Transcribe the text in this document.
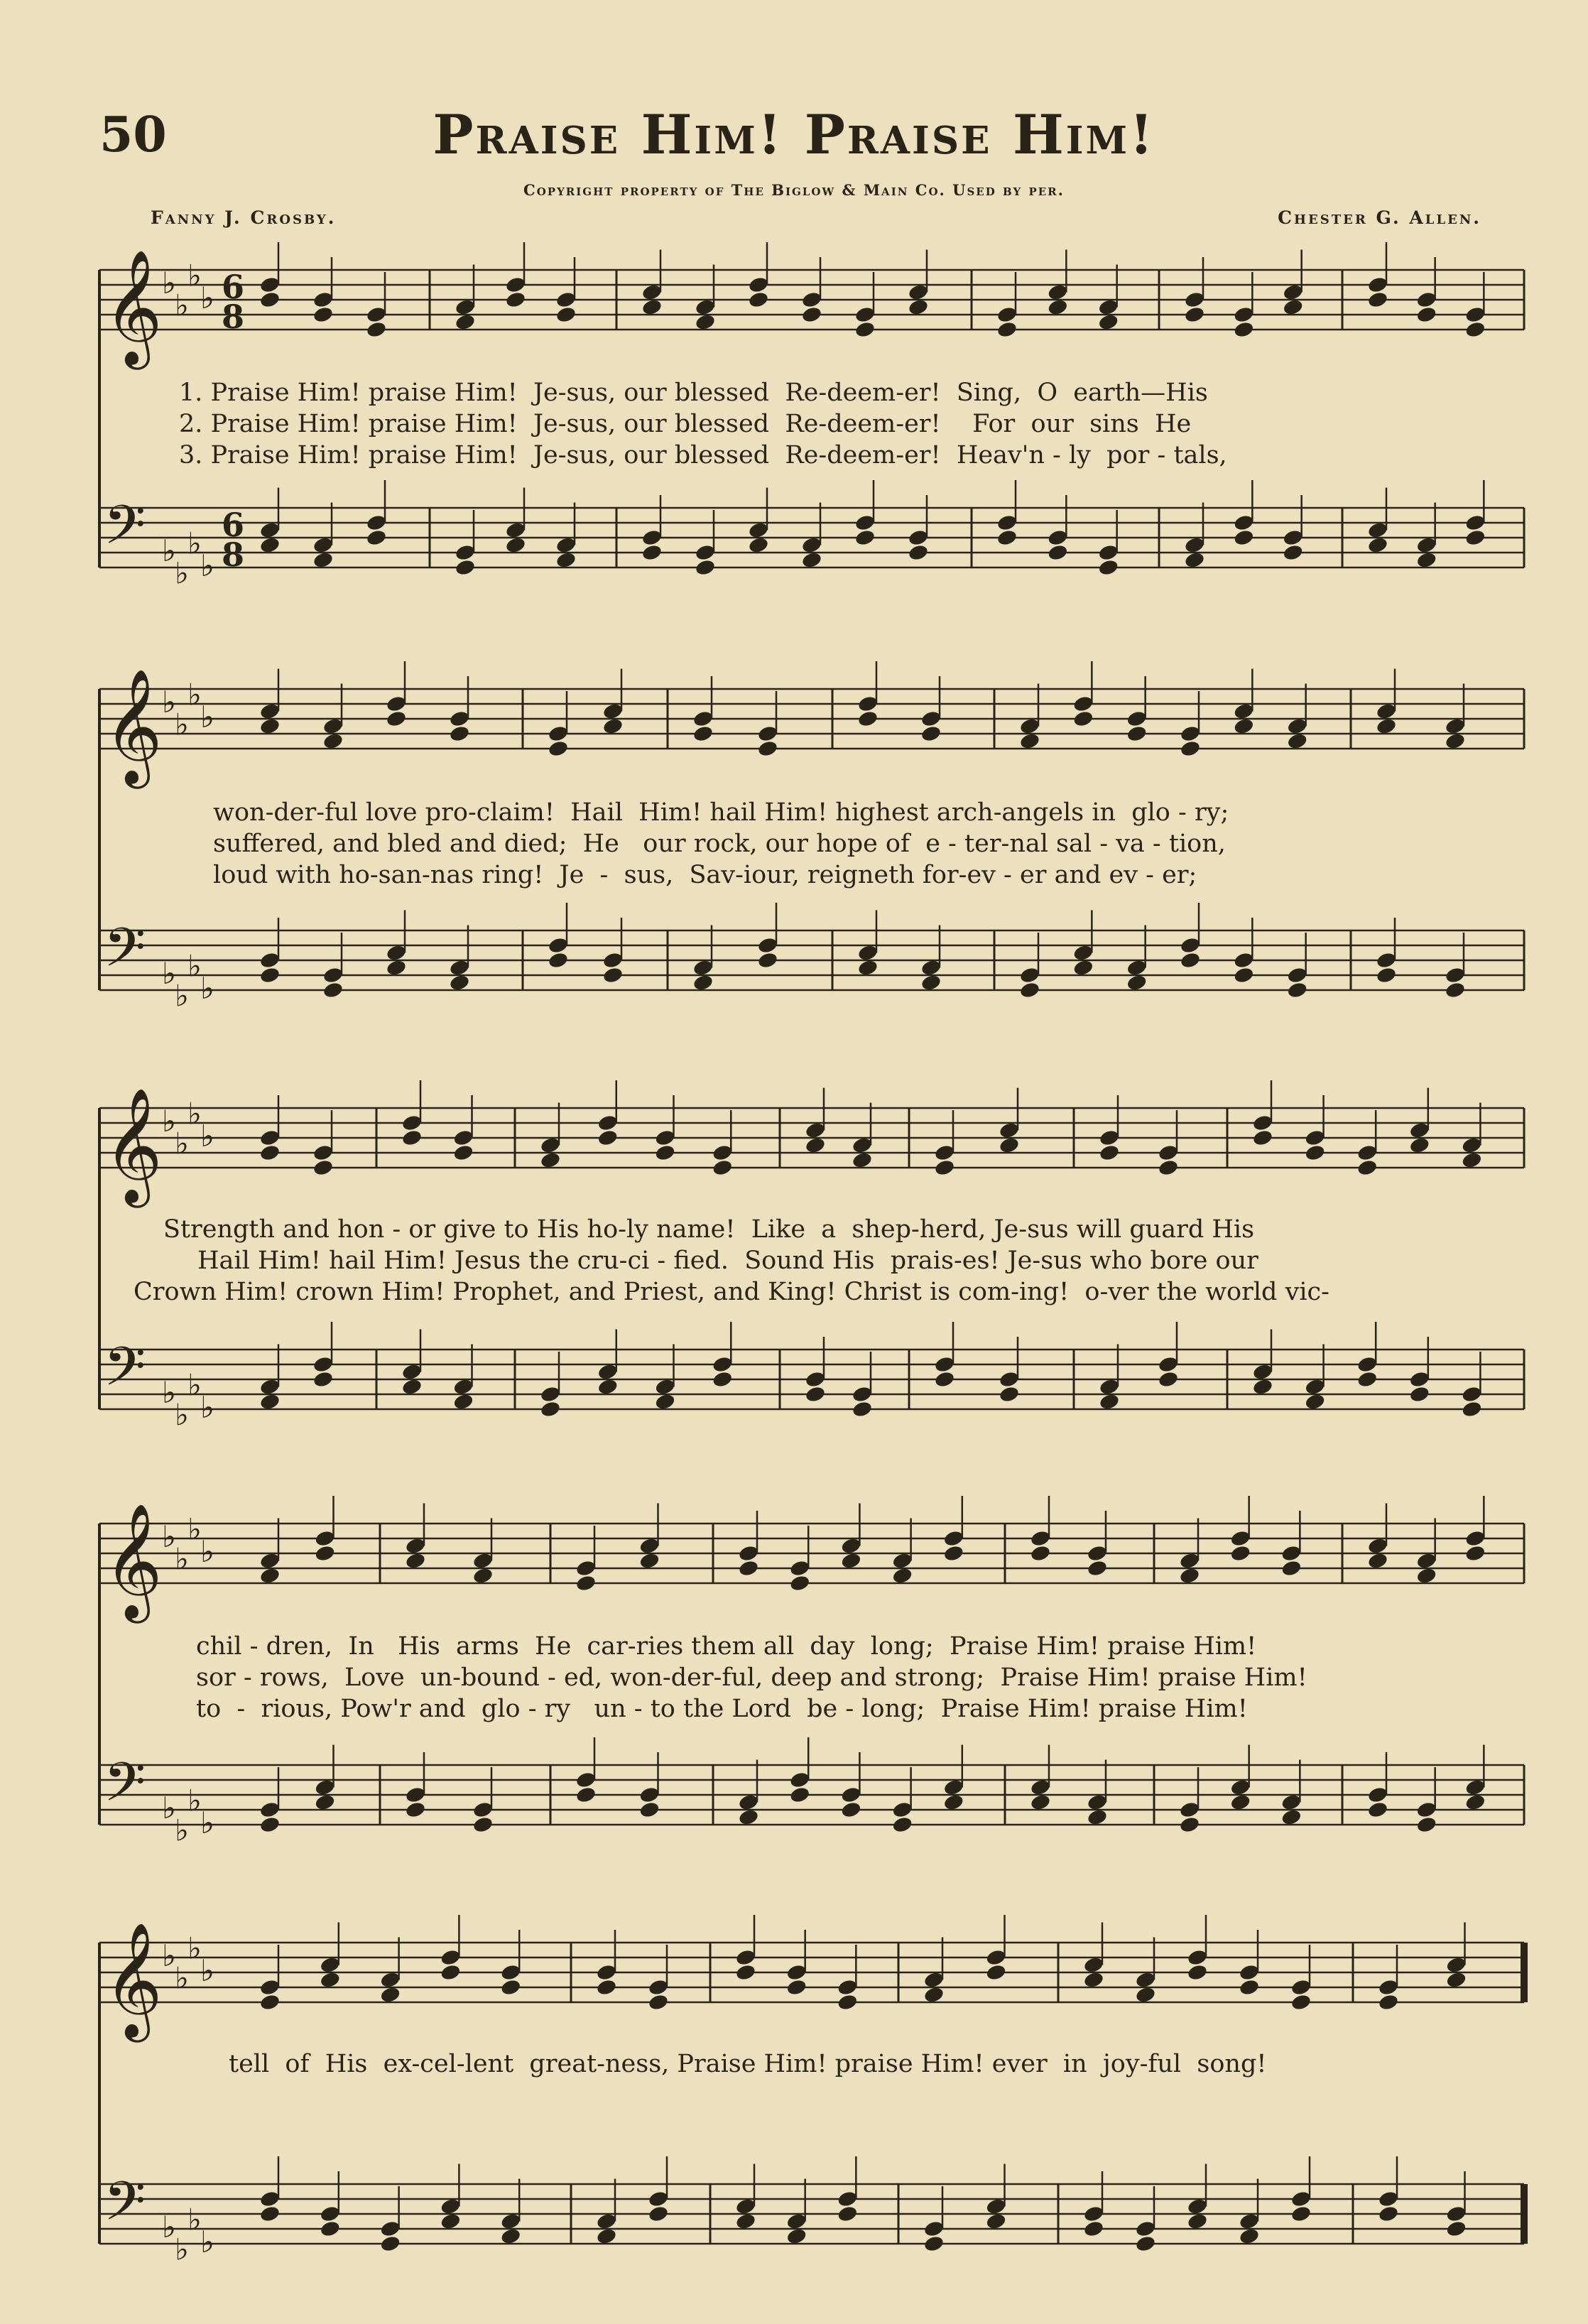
50	Praise Him! Praise Him!
Copyright property of The Biglow & Main Co. Used by per.
Fanny J. Crosby.	Chester G. Allen.
𝄞 ♭
♭
♭
♭
𝄢 ♭
♭
♭
♭
6
8
6
8
𝄞 ♭
♭
♭
♭
𝄢 ♭
♭
♭
♭
𝄞 ♭
♭
♭
♭
𝄢 ♭
♭
♭
♭
𝄞 ♭
♭
♭
♭
𝄢 ♭
♭
♭
♭
𝄞 ♭
♭
♭
♭
𝄢 ♭
♭
♭
♭
1. Praise Him! praise Him!  Je-sus, our blessed  Re-deem-er!  Sing,  O  earth—His
2. Praise Him! praise Him!  Je-sus, our blessed  Re-deem-er!    For  our  sins  He
3. Praise Him! praise Him!  Je-sus, our blessed  Re-deem-er!  Heav'n - ly  por - tals,
won-der-ful love pro-claim!  Hail  Him! hail Him! highest arch-angels in  glo - ry;
suffered, and bled and died;  He   our rock, our hope of  e - ter-nal sal - va - tion,
loud with ho-san-nas ring!  Je  -  sus,  Sav-iour, reigneth for-ev - er and ev - er;
Strength and hon - or give to His ho-ly name!  Like  a  shep-herd, Je-sus will guard His
Hail Him! hail Him! Jesus the cru-ci - fied.  Sound His  prais-es! Je-sus who bore our
Crown Him! crown Him! Prophet, and Priest, and King! Christ is com-ing!  o-ver the world vic-
chil - dren,  In   His  arms  He  car-ries them all  day  long;  Praise Him! praise Him!
sor - rows,  Love  un-bound - ed, won-der-ful, deep and strong;  Praise Him! praise Him!
to  -  rious, Pow'r and  glo - ry   un - to the Lord  be - long;  Praise Him! praise Him!
tell  of  His  ex-cel-lent  great-ness, Praise Him! praise Him! ever  in  joy-ful  song!
